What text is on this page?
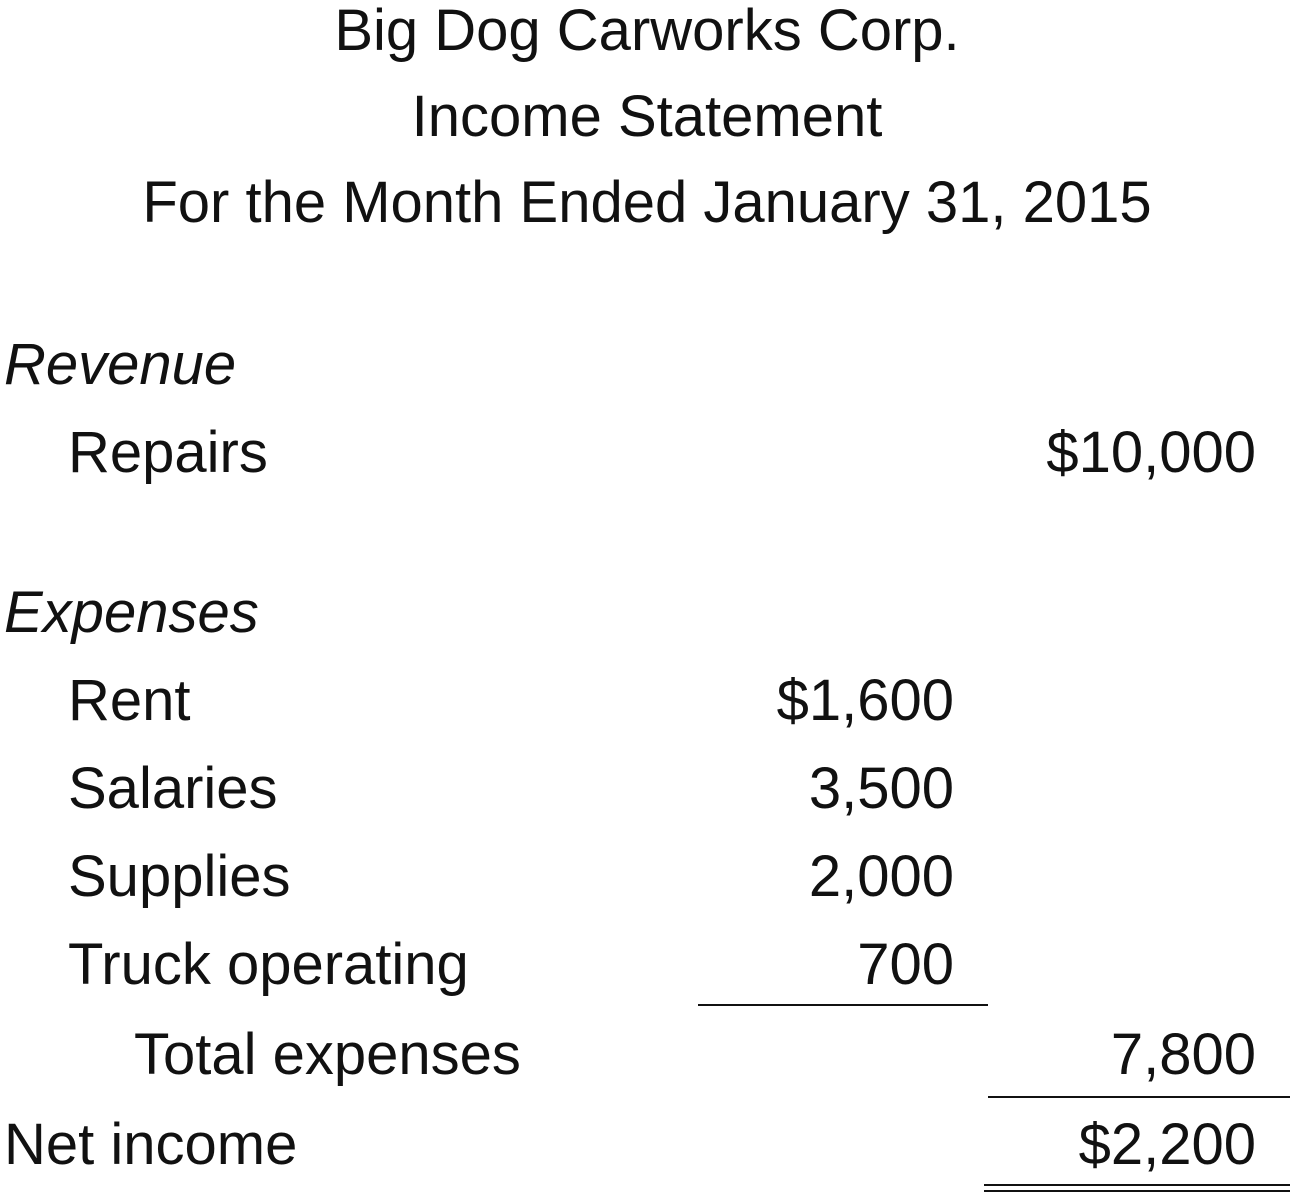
Big Dog Carworks Corp.
Income Statement
For the Month Ended January 31, 2015
Revenue
Repairs	$10,000
Expenses
Rent	$1,600
Salaries	3,500
Supplies	2,000
Truck operating	700
Total expenses	7,800
Net income	$2,200
